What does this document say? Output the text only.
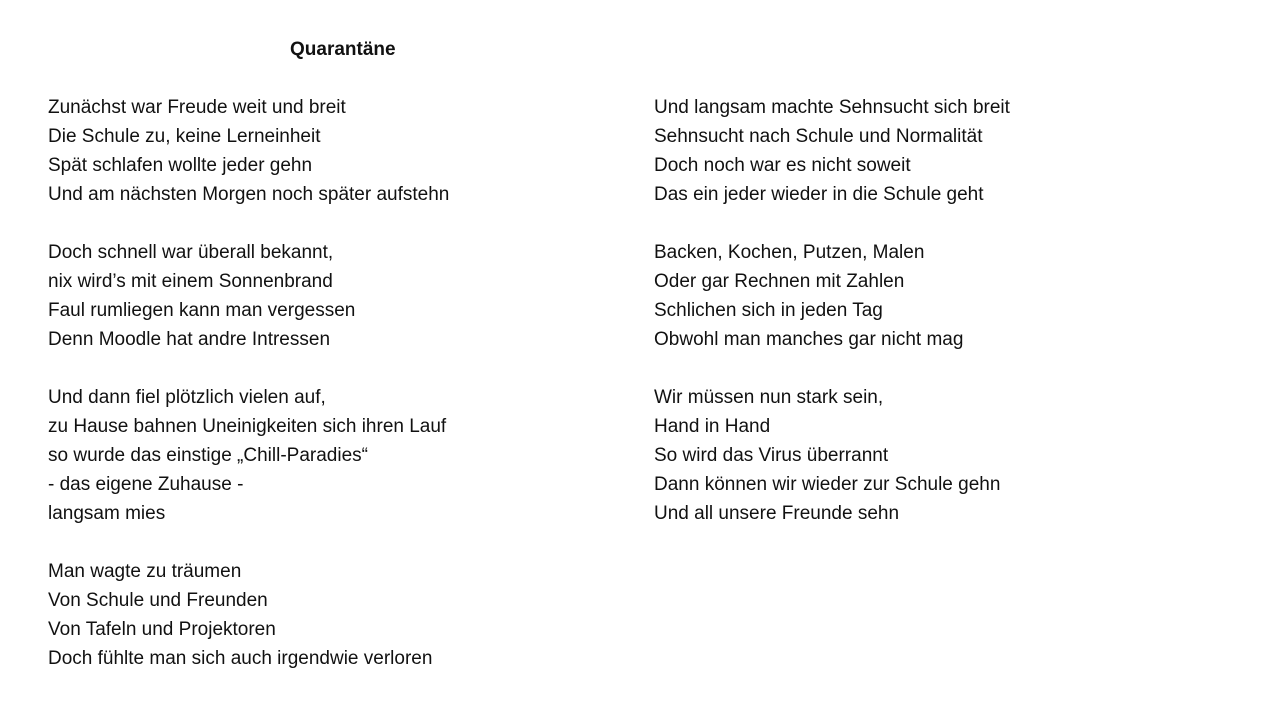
Quarantäne

Zunächst war Freude weit und breit
Die Schule zu, keine Lerneinheit
Spät schlafen wollte jeder gehn
Und am nächsten Morgen noch später aufstehn

Doch schnell war überall bekannt,
nix wird’s mit einem Sonnenbrand
Faul rumliegen kann man vergessen
Denn Moodle hat andre Intressen

Und dann fiel plötzlich vielen auf,
zu Hause bahnen Uneinigkeiten sich ihren Lauf
so wurde das einstige „Chill-Paradies“
- das eigene Zuhause -
langsam mies

Man wagte zu träumen
Von Schule und Freunden
Von Tafeln und Projektoren
Doch fühlte man sich auch irgendwie verloren

Und langsam machte Sehnsucht sich breit
Sehnsucht nach Schule und Normalität
Doch noch war es nicht soweit
Das ein jeder wieder in die Schule geht

Backen, Kochen, Putzen, Malen
Oder gar Rechnen mit Zahlen
Schlichen sich in jeden Tag
Obwohl man manches gar nicht mag

Wir müssen nun stark sein,
Hand in Hand
So wird das Virus überrannt
Dann können wir wieder zur Schule gehn
Und all unsere Freunde sehn
